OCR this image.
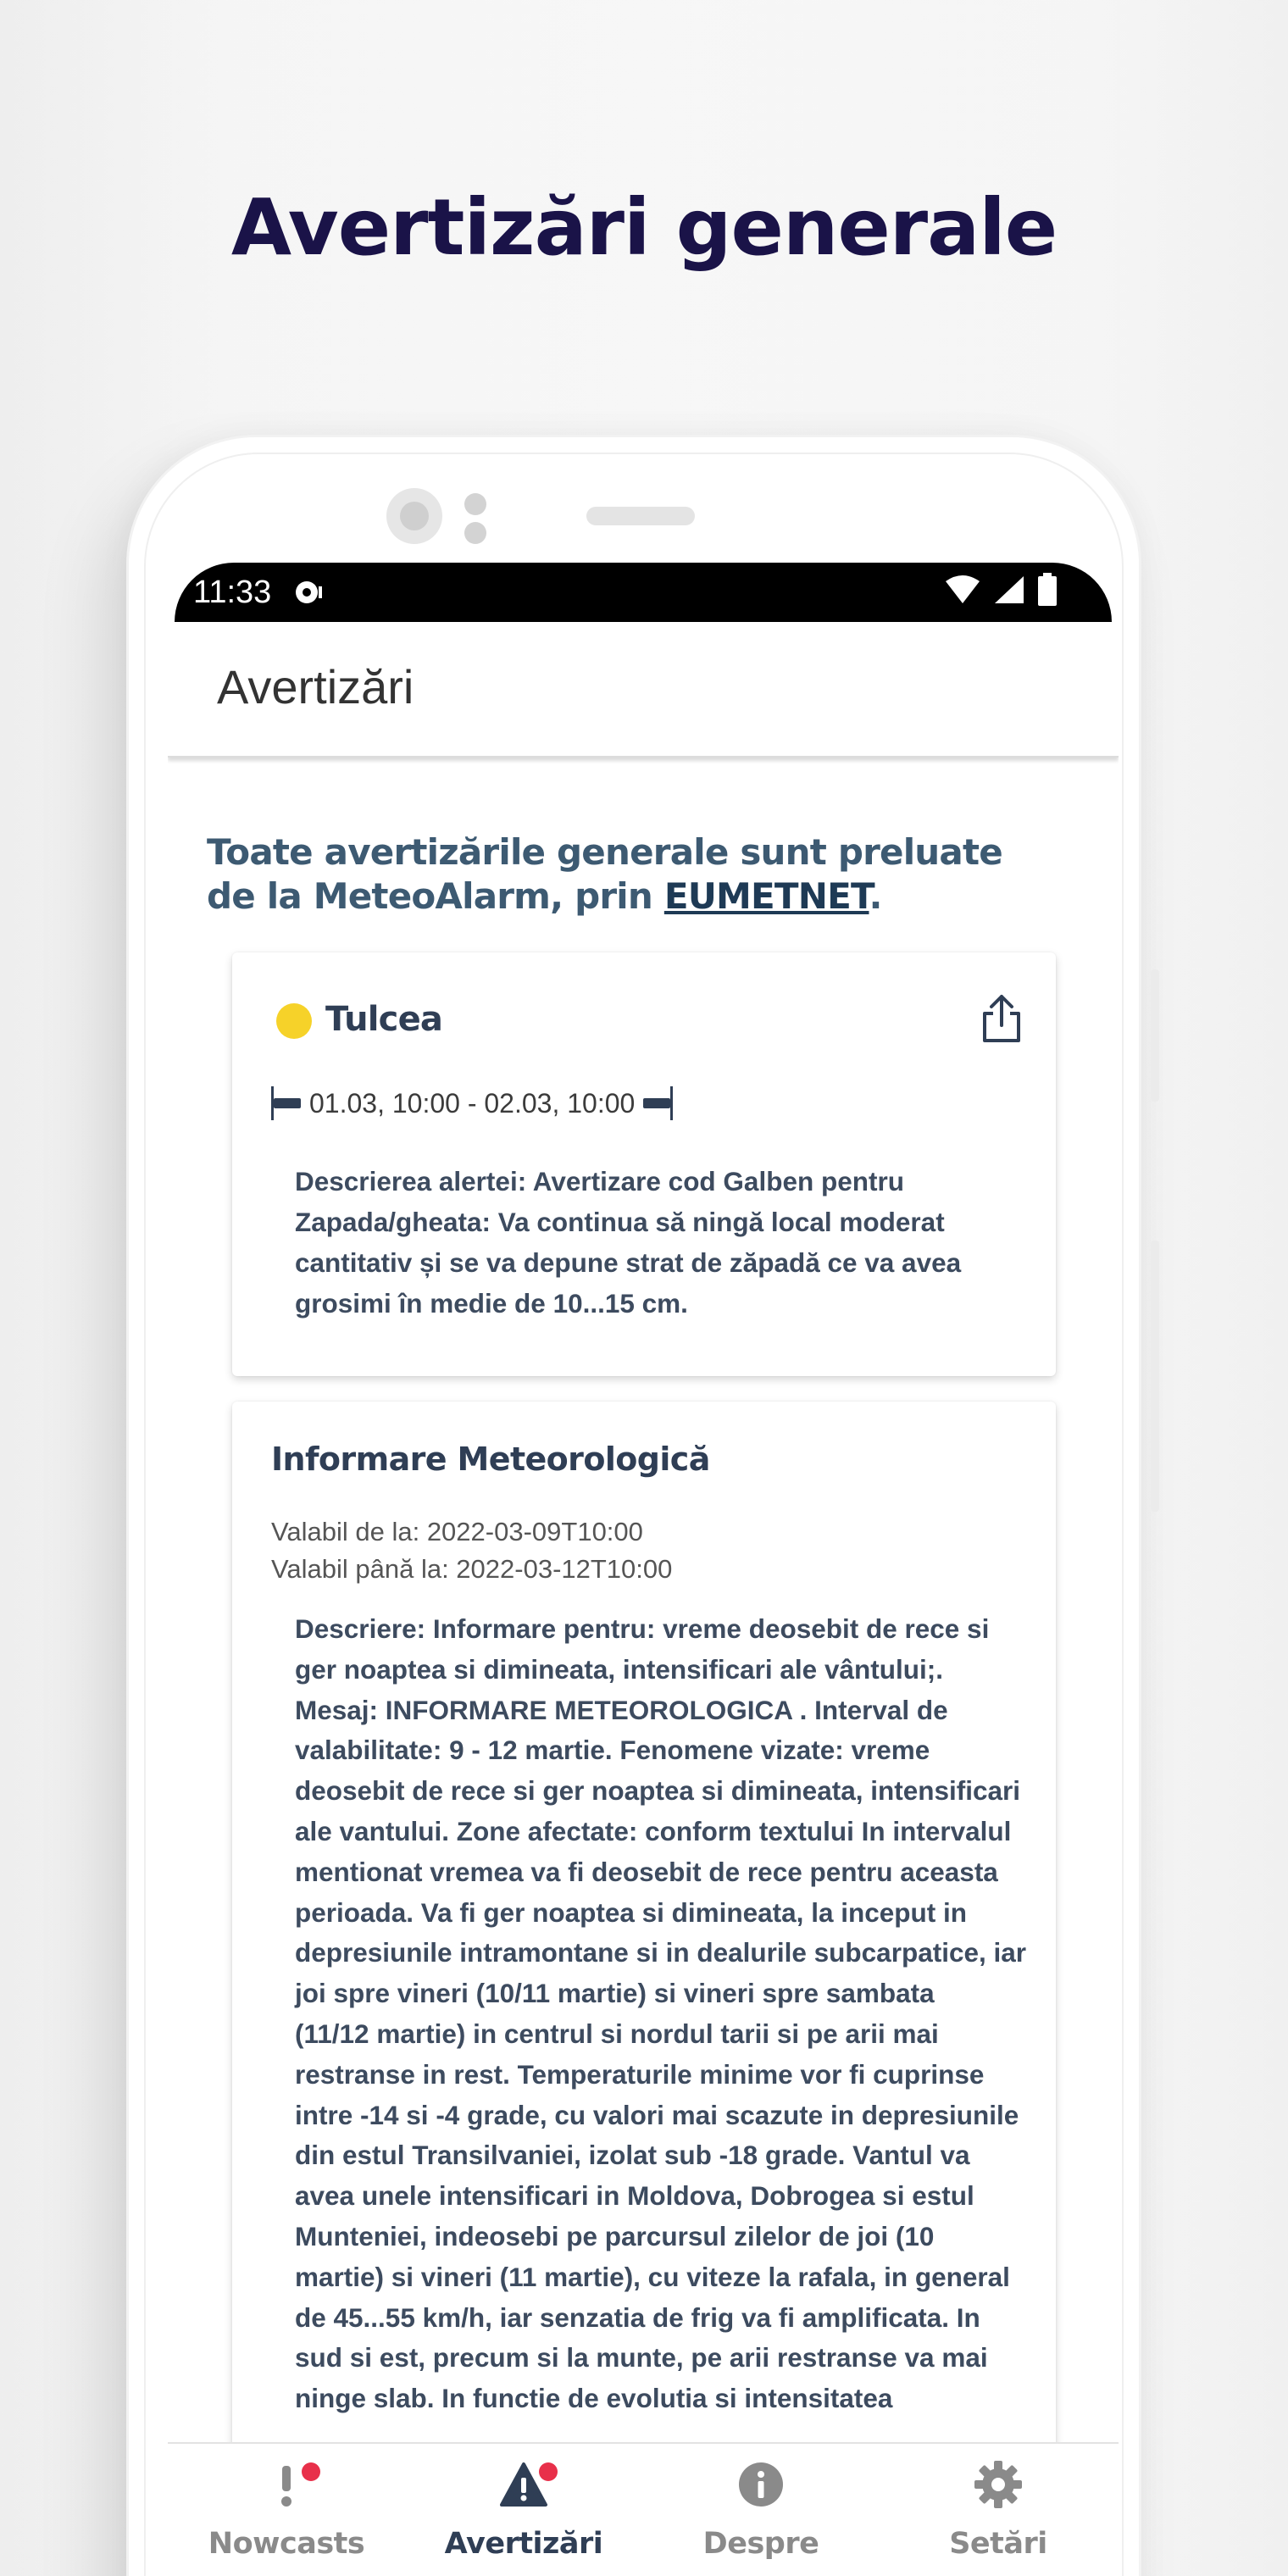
Avertizări generale
11:33
Avertizări
Toate avertizările generale sunt preluate de la MeteoAlarm, prin EUMETNET.
Tulcea
01.03, 10:00 - 02.03, 10:00
Descrierea alertei: Avertizare cod Galben pentru
Zapada/gheata: Va continua să ningă local moderat
cantitativ și se va depune strat de zăpadă ce va avea
grosimi în medie de 10...15 cm.
Informare Meteorologică
Valabil de la: 2022-03-09T10:00
Valabil până la: 2022-03-12T10:00
Descriere: Informare pentru: vreme deosebit de rece si
ger noaptea si dimineata, intensificari ale vântului;.
Mesaj: INFORMARE METEOROLOGICA . Interval de
valabilitate: 9 - 12 martie. Fenomene vizate: vreme
deosebit de rece si ger noaptea si dimineata, intensificari
ale vantului. Zone afectate: conform textului In intervalul
mentionat vremea va fi deosebit de rece pentru aceasta
perioada. Va fi ger noaptea si dimineata, la inceput in
depresiunile intramontane si in dealurile subcarpatice, iar
joi spre vineri (10/11 martie) si vineri spre sambata
(11/12 martie) in centrul si nordul tarii si pe arii mai
restranse in rest. Temperaturile minime vor fi cuprinse
intre -14 si -4 grade, cu valori mai scazute in depresiunile
din estul Transilvaniei, izolat sub -18 grade. Vantul va
avea unele intensificari in Moldova, Dobrogea si estul
Munteniei, indeosebi pe parcursul zilelor de joi (10
martie) si vineri (11 martie), cu viteze la rafala, in general
de 45...55 km/h, iar senzatia de frig va fi amplificata. In
sud si est, precum si la munte, pe arii restranse va mai
ninge slab. In functie de evolutia si intensitatea
Nowcasts	Avertizări	Despre	Setări
